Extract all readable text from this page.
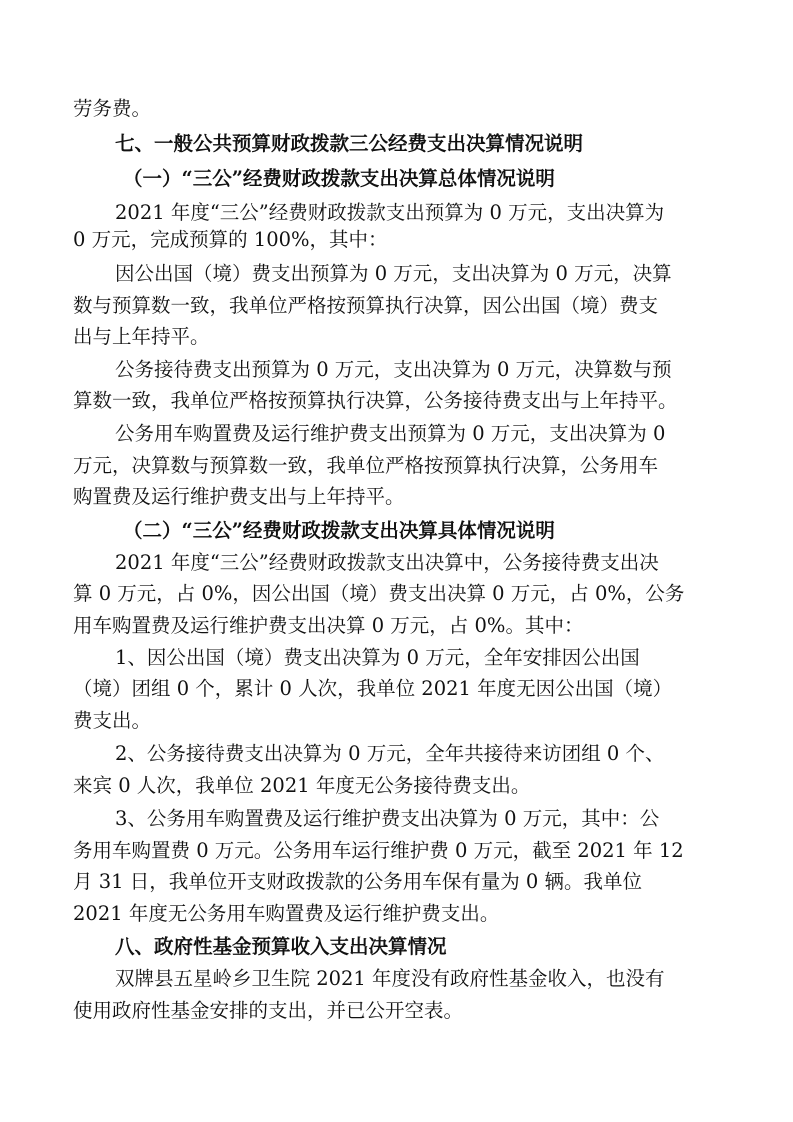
劳务费。

七、一般公共预算财政拨款三公经费支出决算情况说明

（一）“三公”经费财政拨款支出决算总体情况说明

2021 年度“三公”经费财政拨款支出预算为 0 万元，支出决算为

0 万元，完成预算的 100%，其中：

因公出国（境）费支出预算为 0 万元，支出决算为 0 万元，决算

数与预算数一致，我单位严格按预算执行决算，因公出国（境）费支

出与上年持平。

公务接待费支出预算为 0 万元，支出决算为 0 万元，决算数与预

算数一致，我单位严格按预算执行决算，公务接待费支出与上年持平。

公务用车购置费及运行维护费支出预算为 0 万元，支出决算为 0

万元，决算数与预算数一致，我单位严格按预算执行决算，公务用车

购置费及运行维护费支出与上年持平。

（二）“三公”经费财政拨款支出决算具体情况说明

2021 年度“三公”经费财政拨款支出决算中，公务接待费支出决

算 0 万元，占 0%，因公出国（境）费支出决算 0 万元，占 0%，公务

用车购置费及运行维护费支出决算 0 万元，占 0%。其中：

1、因公出国（境）费支出决算为 0 万元，全年安排因公出国

（境）团组 0 个，累计 0 人次，我单位 2021 年度无因公出国（境）

费支出。

2、公务接待费支出决算为 0 万元，全年共接待来访团组 0 个、

来宾 0 人次，我单位 2021 年度无公务接待费支出。

3、公务用车购置费及运行维护费支出决算为 0 万元，其中：公

务用车购置费 0 万元。公务用车运行维护费 0 万元，截至 2021 年 12

月 31 日，我单位开支财政拨款的公务用车保有量为 0 辆。我单位

2021 年度无公务用车购置费及运行维护费支出。

八、政府性基金预算收入支出决算情况

双牌县五星岭乡卫生院 2021 年度没有政府性基金收入，也没有

使用政府性基金安排的支出，并已公开空表。
